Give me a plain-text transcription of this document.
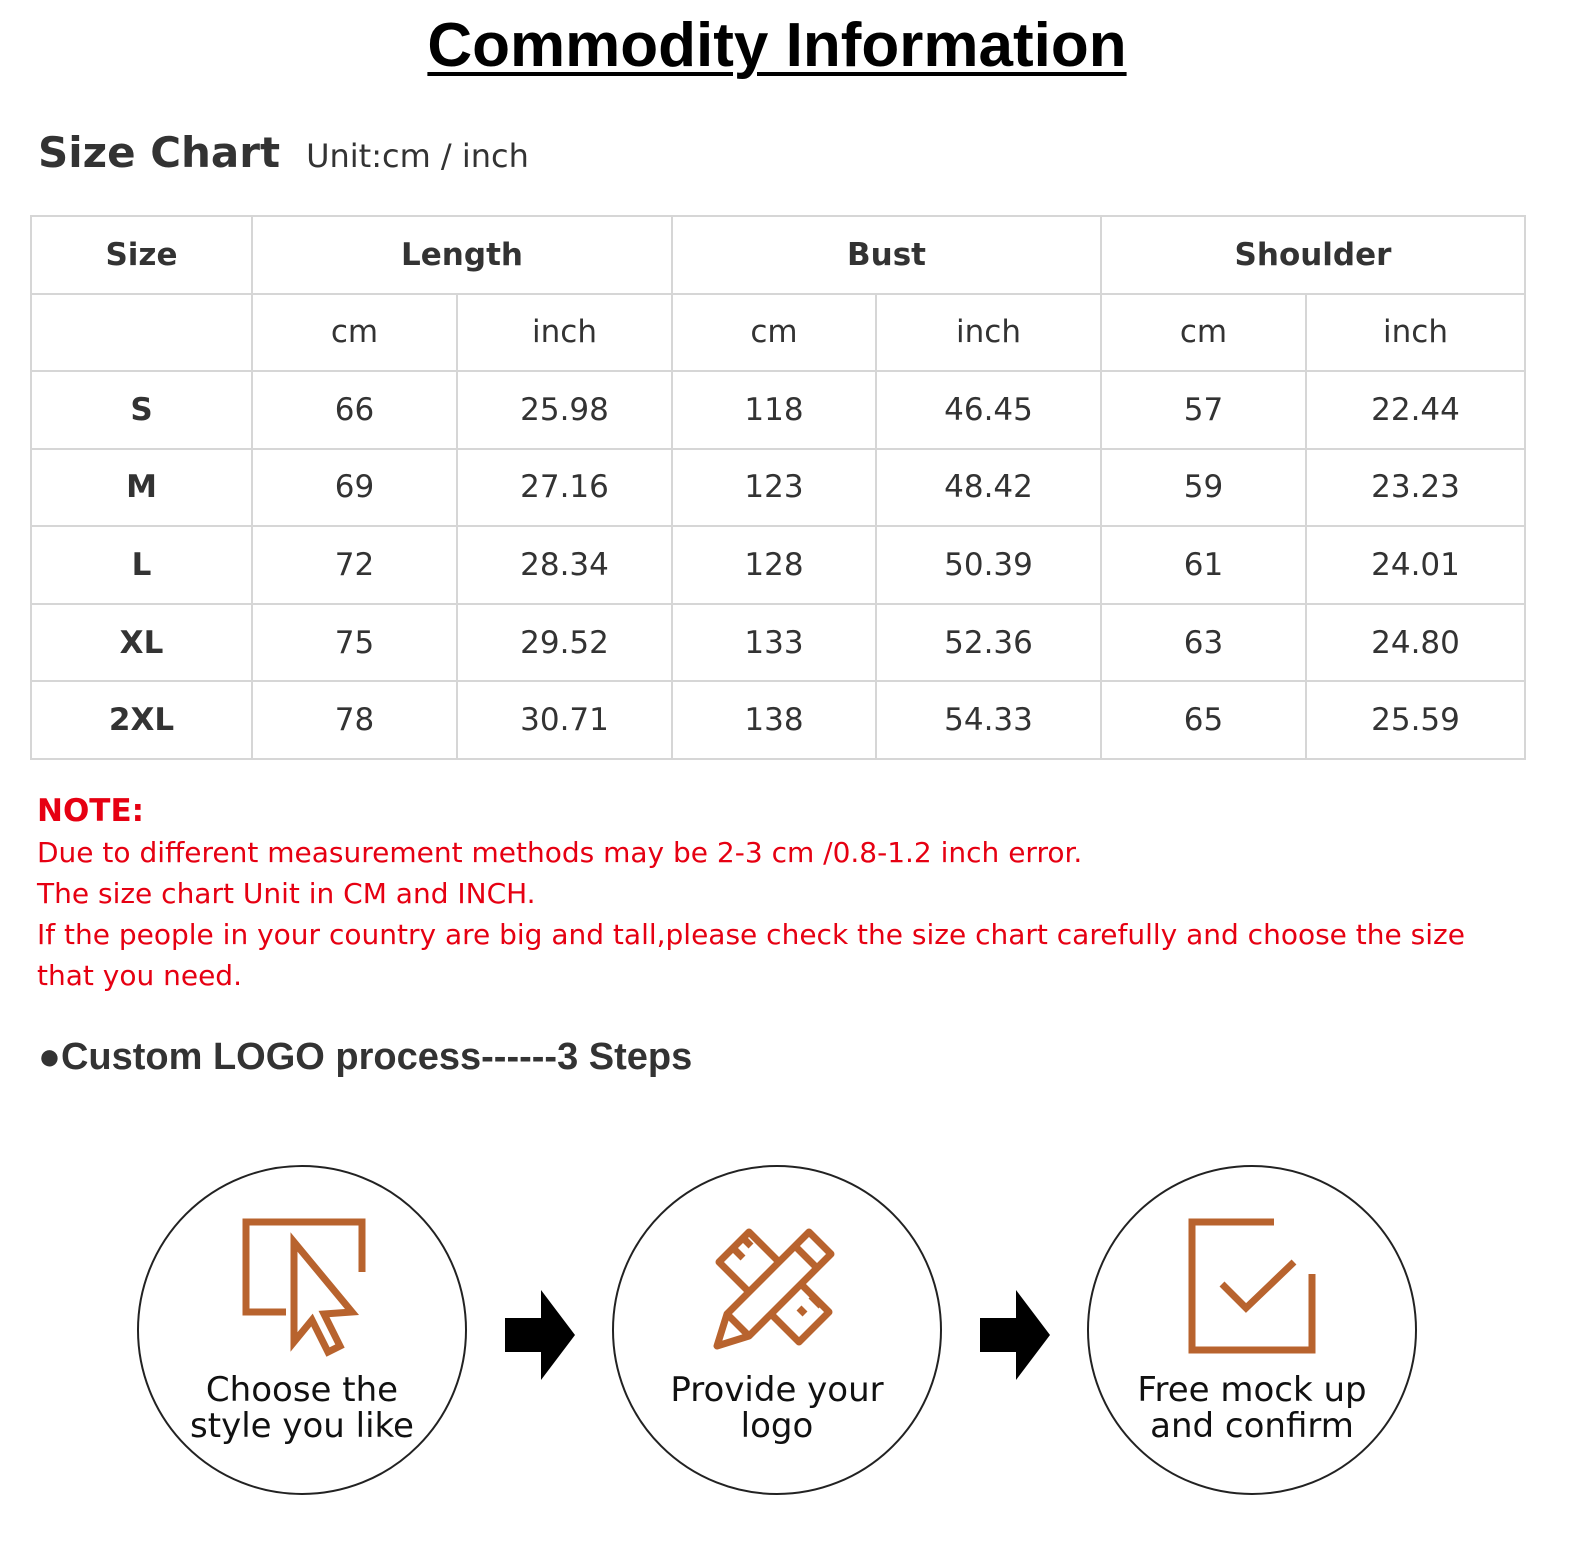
Commodity Information
Size Chart Unit:cm / inch
Size	Length		Bust		Shoulder	
	cm	inch	cm	inch	cm	inch
S	66	25.98	118	46.45	57	22.44
M	69	27.16	123	48.42	59	23.23
L	72	28.34	128	50.39	61	24.01
XL	75	29.52	133	52.36	63	24.80
2XL	78	30.71	138	54.33	65	25.59
NOTE:
Due to different measurement methods may be 2-3 cm /0.8-1.2 inch error.
The size chart Unit in CM and INCH.
If the people in your country are big and tall,please check the size chart carefully and choose the size that you need.
●Custom LOGO process------3 Steps
Choose the
style you like
Provide your
logo
Free mock up
and confirm
